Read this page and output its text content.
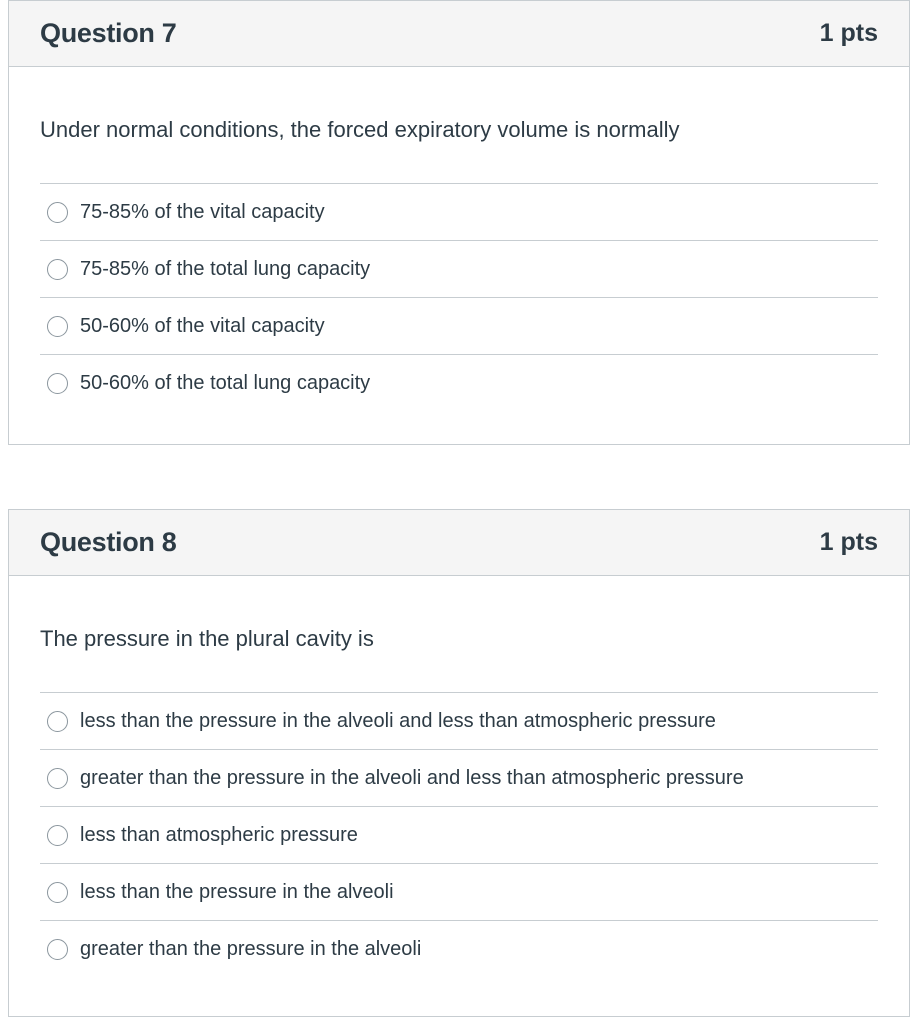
Question 7	1 pts

Under normal conditions, the forced expiratory volume is normally

75-85% of the vital capacity
75-85% of the total lung capacity
50-60% of the vital capacity
50-60% of the total lung capacity
Question 8	1 pts

The pressure in the plural cavity is

less than the pressure in the alveoli and less than atmospheric pressure
greater than the pressure in the alveoli and less than atmospheric pressure
less than atmospheric pressure
less than the pressure in the alveoli
greater than the pressure in the alveoli
